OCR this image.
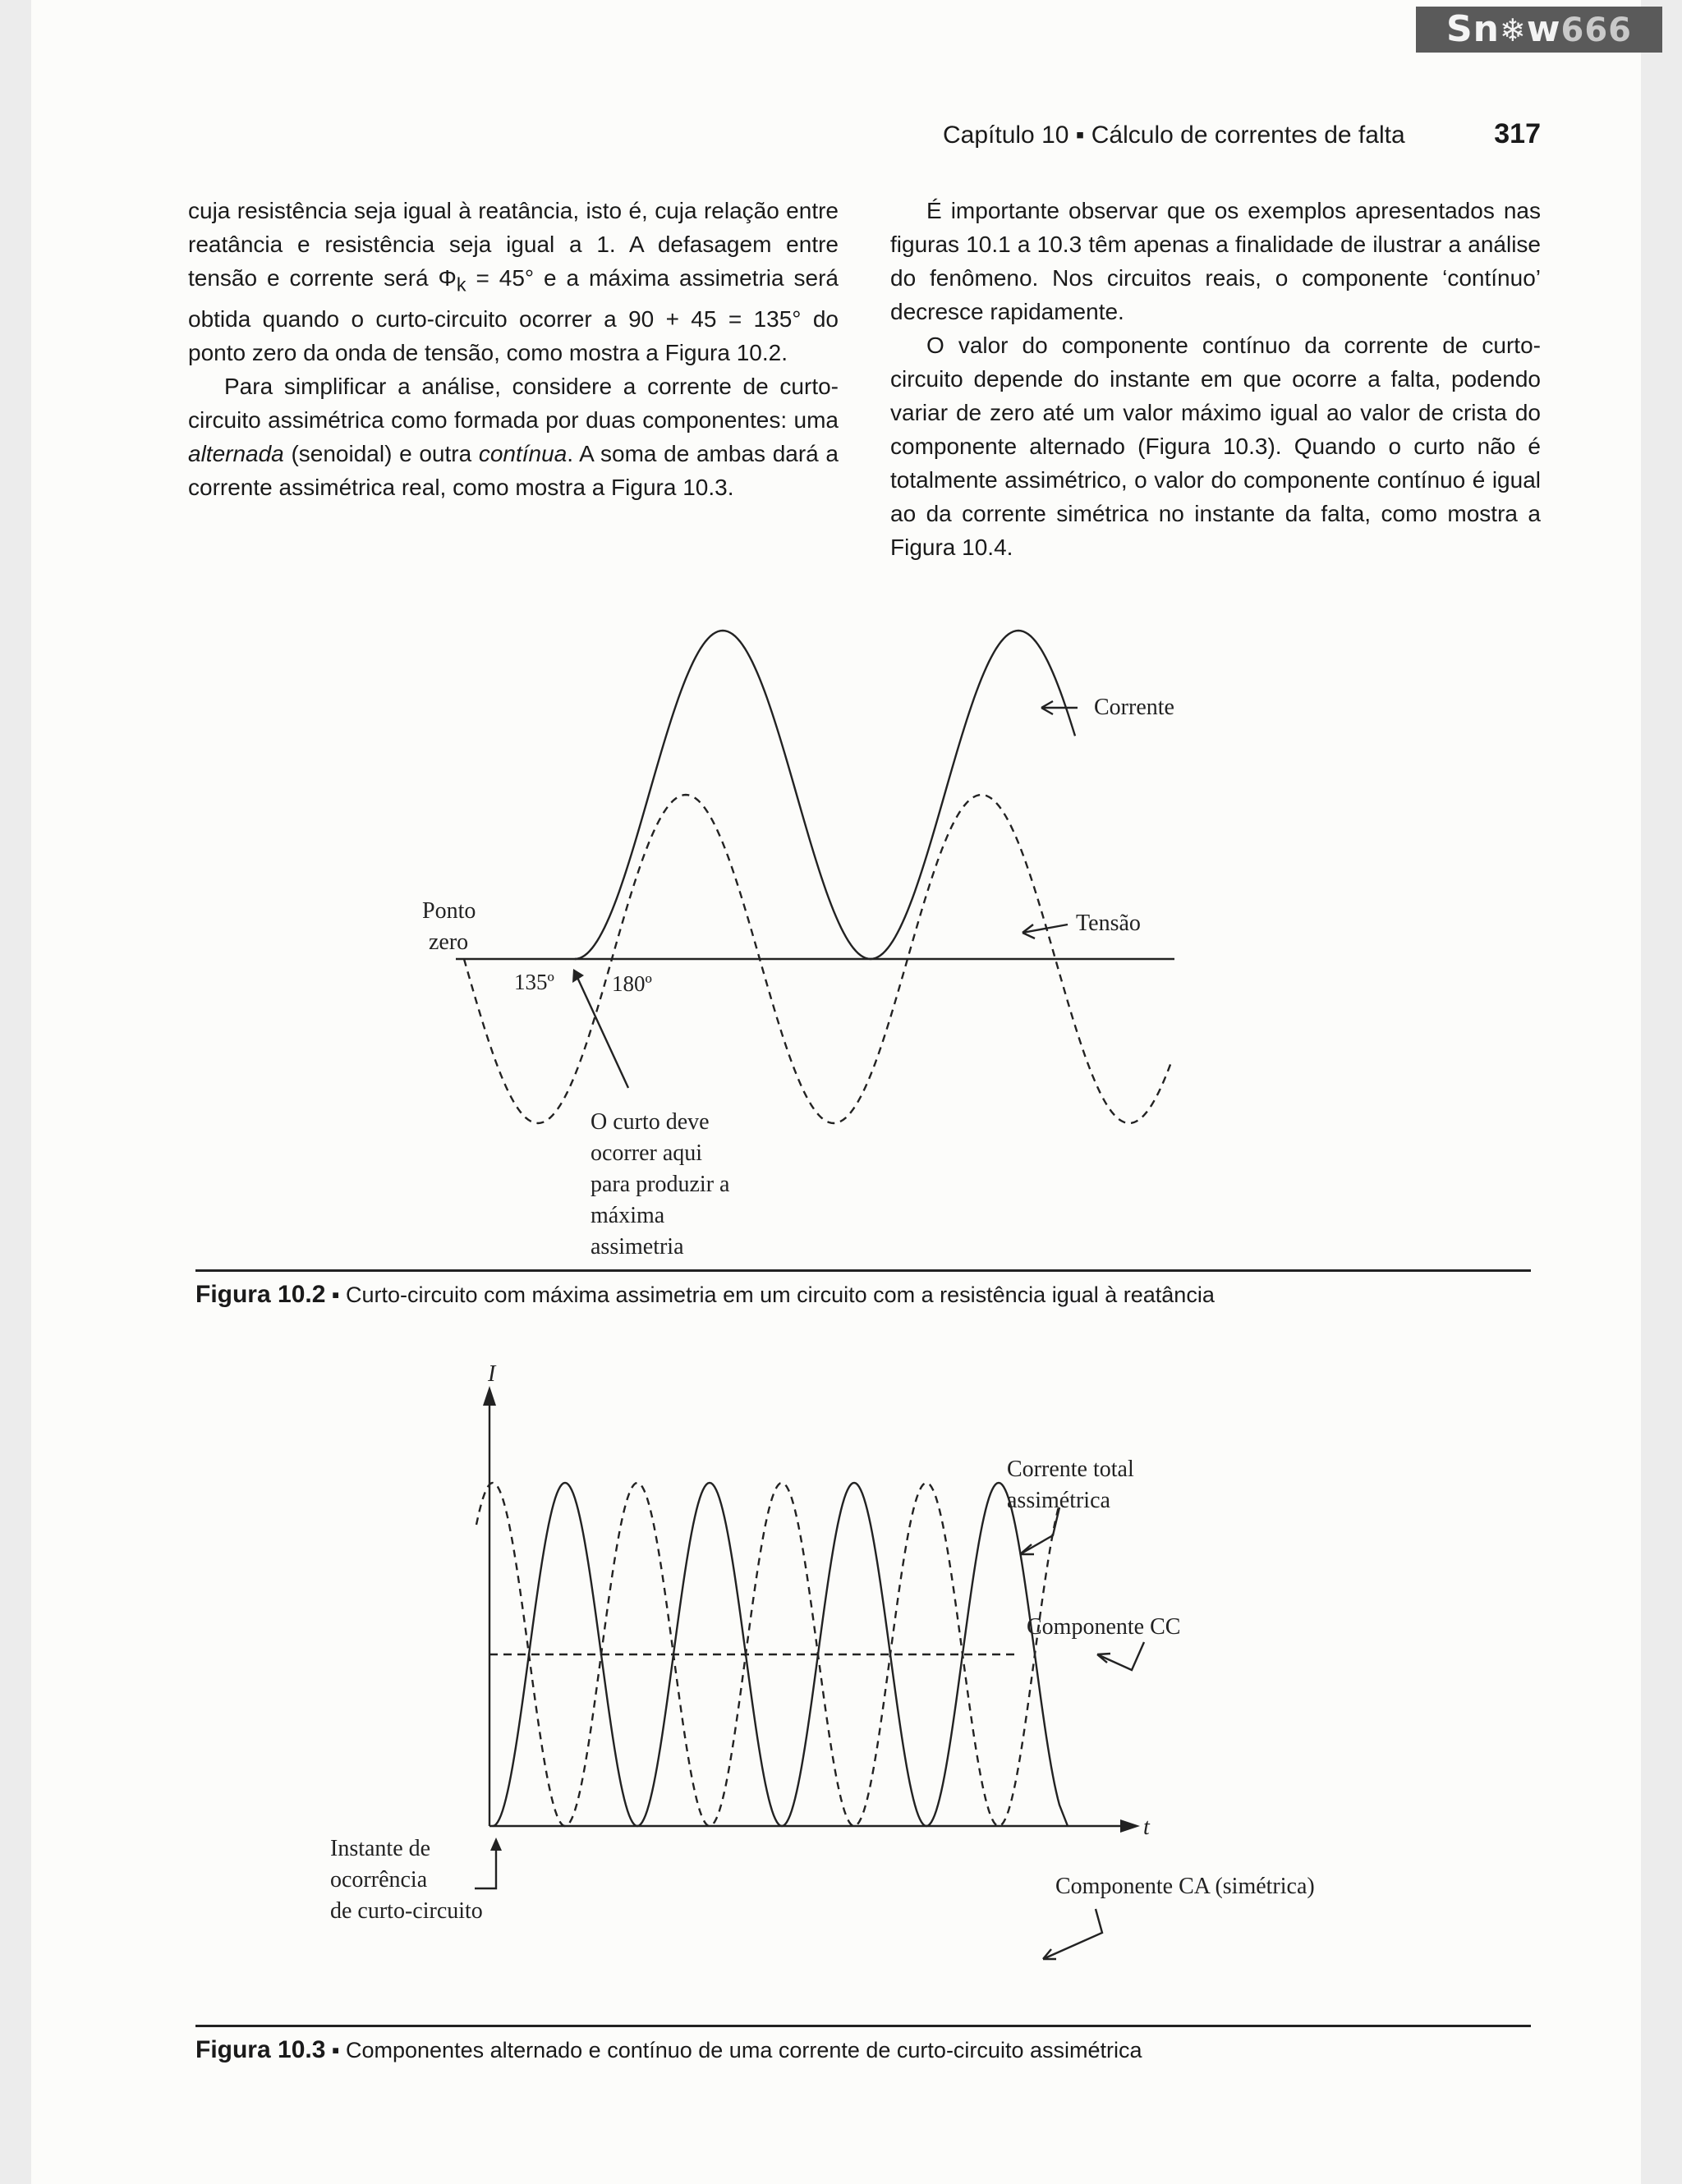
Sn❄w666
Capítulo 10 ▪ Cálculo de correntes de falta	317

cuja resistência seja igual à reatância, isto é, cuja relação entre reatância e resistência seja igual a 1. A defasagem entre tensão e corrente será $\Phi_k = 45^\circ$ e a máxima assimetria será obtida quando o curto-circuito ocorrer a 90 + 45 = 135° do ponto zero da onda de tensão, como mostra a Figura 10.2.

Para simplificar a análise, considere a corrente de curto-circuito assimétrica como formada por duas componentes: uma alternada (senoidal) e outra contínua. A soma de ambas dará a corrente assimétrica real, como mostra a Figura 10.3.

É importante observar que os exemplos apresentados nas figuras 10.1 a 10.3 têm apenas a finalidade de ilustrar a análise do fenômeno. Nos circuitos reais, o componente ‘contínuo’ decresce rapidamente.

O valor do componente contínuo da corrente de curto-circuito depende do instante em que ocorre a falta, podendo variar de zero até um valor máximo igual ao valor de crista do componente alternado (Figura 10.3). Quando o curto não é totalmente assimétrico, o valor do componente contínuo é igual ao da corrente simétrica no instante da falta, como mostra a Figura 10.4.

Corrente
Tensão
Ponto
zero
135º	180º
O curto deve
ocorrer aqui
para produzir a
máxima
assimetria
Figura 10.2 ▪ Curto-circuito com máxima assimetria em um circuito com a resistência igual à reatância
I
t
Corrente total
assimétrica
Componente CC
Componente CA (simétrica)
Instante de
ocorrência
de curto-circuito
Figura 10.3 ▪ Componentes alternado e contínuo de uma corrente de curto-circuito assimétrica
